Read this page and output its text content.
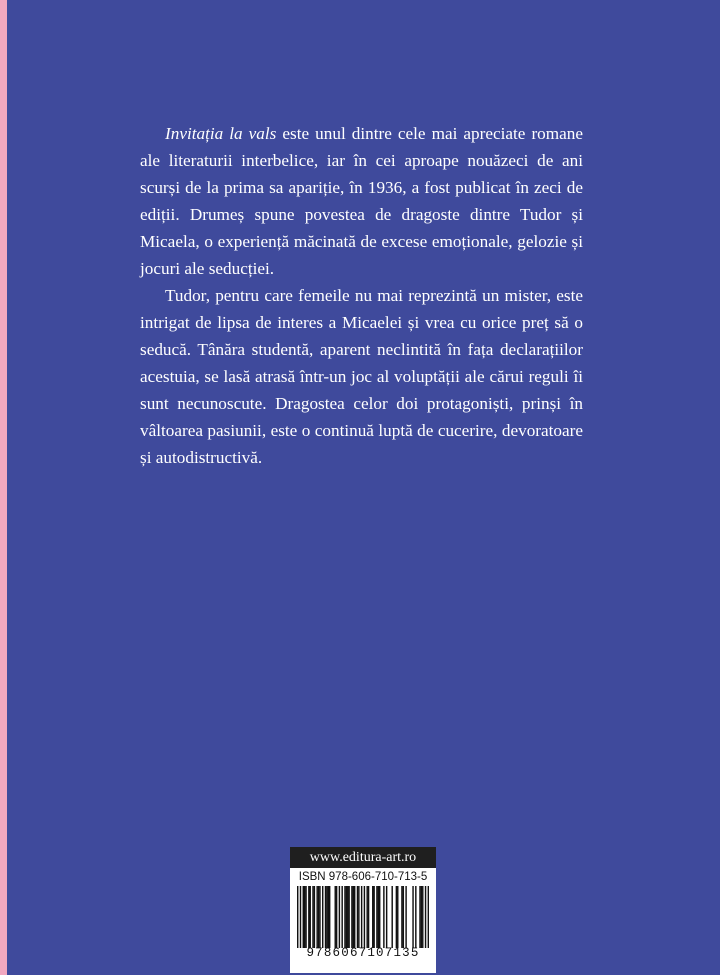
Invitația la vals este unul dintre cele mai apreciate romane ale literaturii interbelice, iar în cei aproape nouăzeci de ani scurși de la prima sa apariție, în 1936, a fost publicat în zeci de ediții. Drumeș spune povestea de dragoste dintre Tudor și Micaela, o experiență măcinată de excese emoționale, gelozie și jocuri ale seducției.

Tudor, pentru care femeile nu mai reprezintă un mister, este intrigat de lipsa de interes a Micaelei și vrea cu orice preț să o seducă. Tânăra studentă, aparent neclintită în fața declarațiilor acestuia, se lasă atrasă într-un joc al voluptății ale cărui reguli îi sunt necunoscute. Dragostea celor doi protagoniști, prinși în vâltoarea pasiunii, este o continuă luptă de cucerire, devoratoare și autodistructivă.

www.editura-art.ro
ISBN 978-606-710-713-5
9786067107135
